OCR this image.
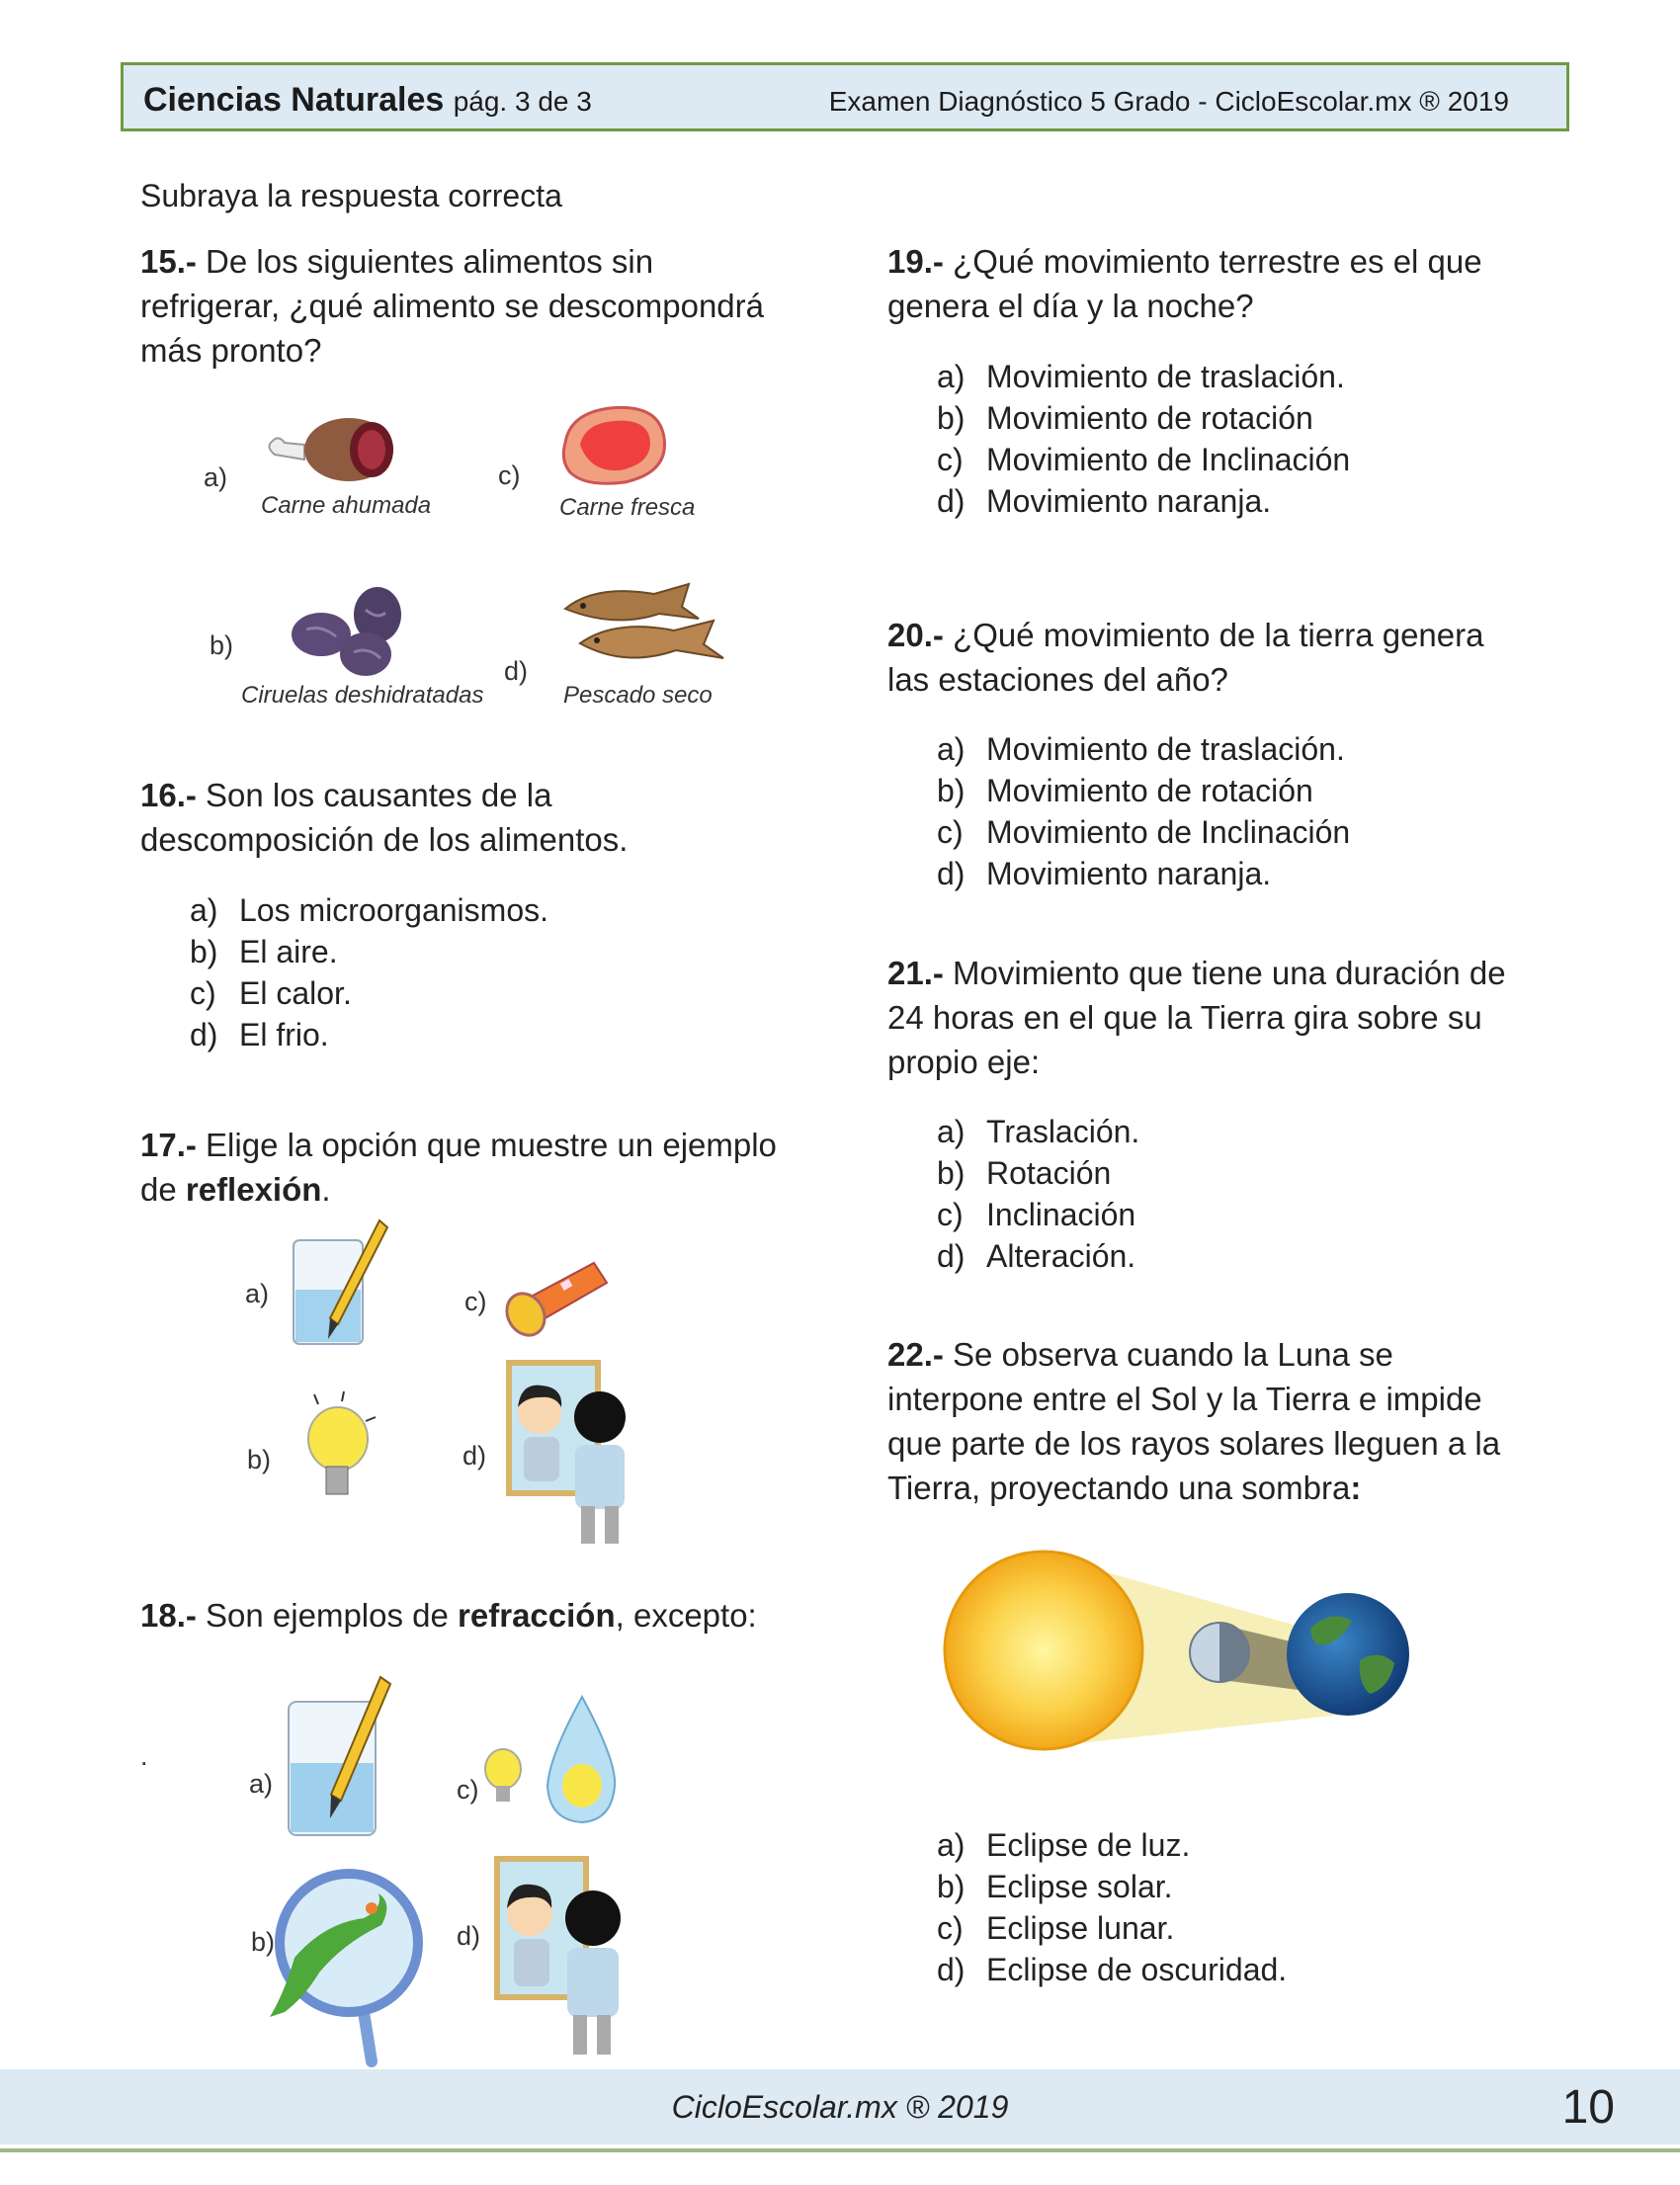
Ciencias Naturales pág. 3 de 3	Examen Diagnóstico 5 Grado - CicloEscolar.mx ® 2019
Subraya la respuesta correcta
15.- De los siguientes alimentos sin refrigerar, ¿qué alimento se descompondrá más pronto?
a)
Carne ahumada
c)
Carne fresca
b)
Ciruelas deshidratadas
d)
Pescado seco
16.- Son los causantes de la descomposición de los alimentos.
a) Los microorganismos.
b) El aire.
c) El calor.
d) El frio.
17.- Elige la opción que muestre un ejemplo de reflexión.
a)	c)
b)	d)
18.- Son ejemplos de refracción, excepto:
.
a)	c)
b)	d)
19.- ¿Qué movimiento terrestre es el que genera el día y la noche?
a) Movimiento de traslación.
b) Movimiento de rotación
c) Movimiento de Inclinación
d) Movimiento naranja.
20.- ¿Qué movimiento de la tierra genera las estaciones del año?
a) Movimiento de traslación.
b) Movimiento de rotación
c) Movimiento de Inclinación
d) Movimiento naranja.
21.- Movimiento que tiene una duración de 24 horas en el que la Tierra gira sobre su propio eje:
a) Traslación.
b) Rotación
c) Inclinación
d) Alteración.
22.- Se observa cuando la Luna se interpone entre el Sol y la Tierra e impide que parte de los rayos solares lleguen a la Tierra, proyectando una sombra:
a) Eclipse de luz.
b) Eclipse solar.
c) Eclipse lunar.
d) Eclipse de oscuridad.
CicloEscolar.mx ® 2019	10
